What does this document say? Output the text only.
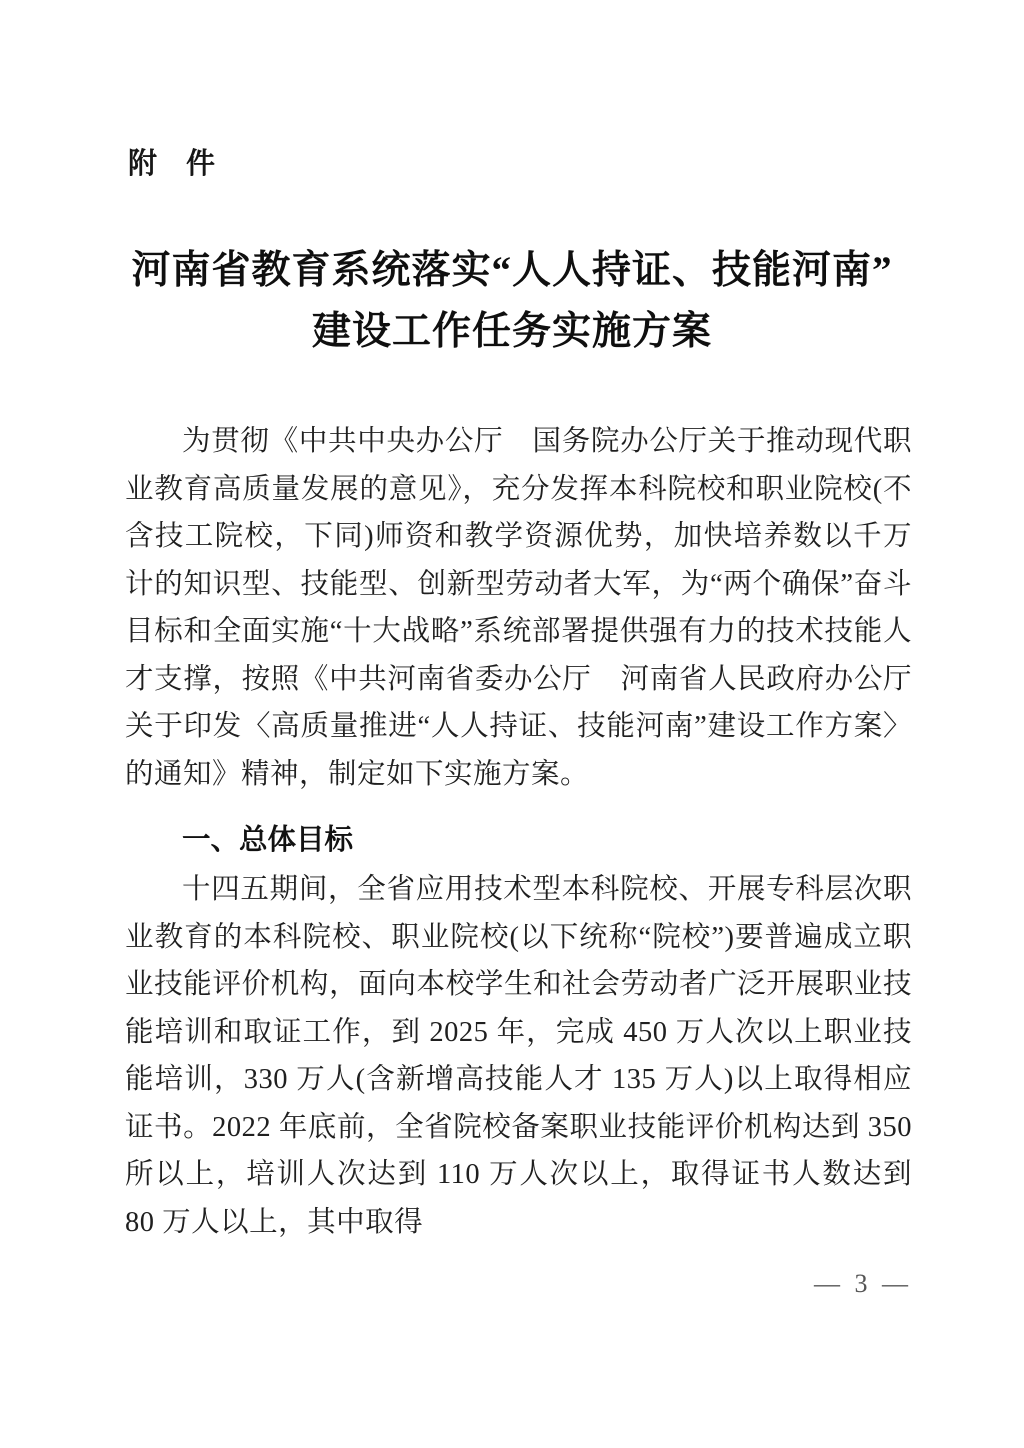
附　件
河南省教育系统落实“人人持证、技能河南”
建设工作任务实施方案

为贯彻《中共中央办公厅　国务院办公厅关于推动现代职业教育高质量发展的意见》，充分发挥本科院校和职业院校(不含技工院校，下同)师资和教学资源优势，加快培养数以千万计的知识型、技能型、创新型劳动者大军，为“两个确保”奋斗目标和全面实施“十大战略”系统部署提供强有力的技术技能人才支撑，按照《中共河南省委办公厅　河南省人民政府办公厅关于印发〈高质量推进“人人持证、技能河南”建设工作方案〉的通知》精神，制定如下实施方案。

一、总体目标

十四五期间，全省应用技术型本科院校、开展专科层次职业教育的本科院校、职业院校(以下统称“院校”)要普遍成立职业技能评价机构，面向本校学生和社会劳动者广泛开展职业技能培训和取证工作，到 2025 年，完成 450 万人次以上职业技能培训，330 万人(含新增高技能人才 135 万人)以上取得相应证书。2022 年底前，全省院校备案职业技能评价机构达到 350 所以上，培训人次达到 110 万人次以上，取得证书人数达到 80 万人以上，其中取得

— 3 —
